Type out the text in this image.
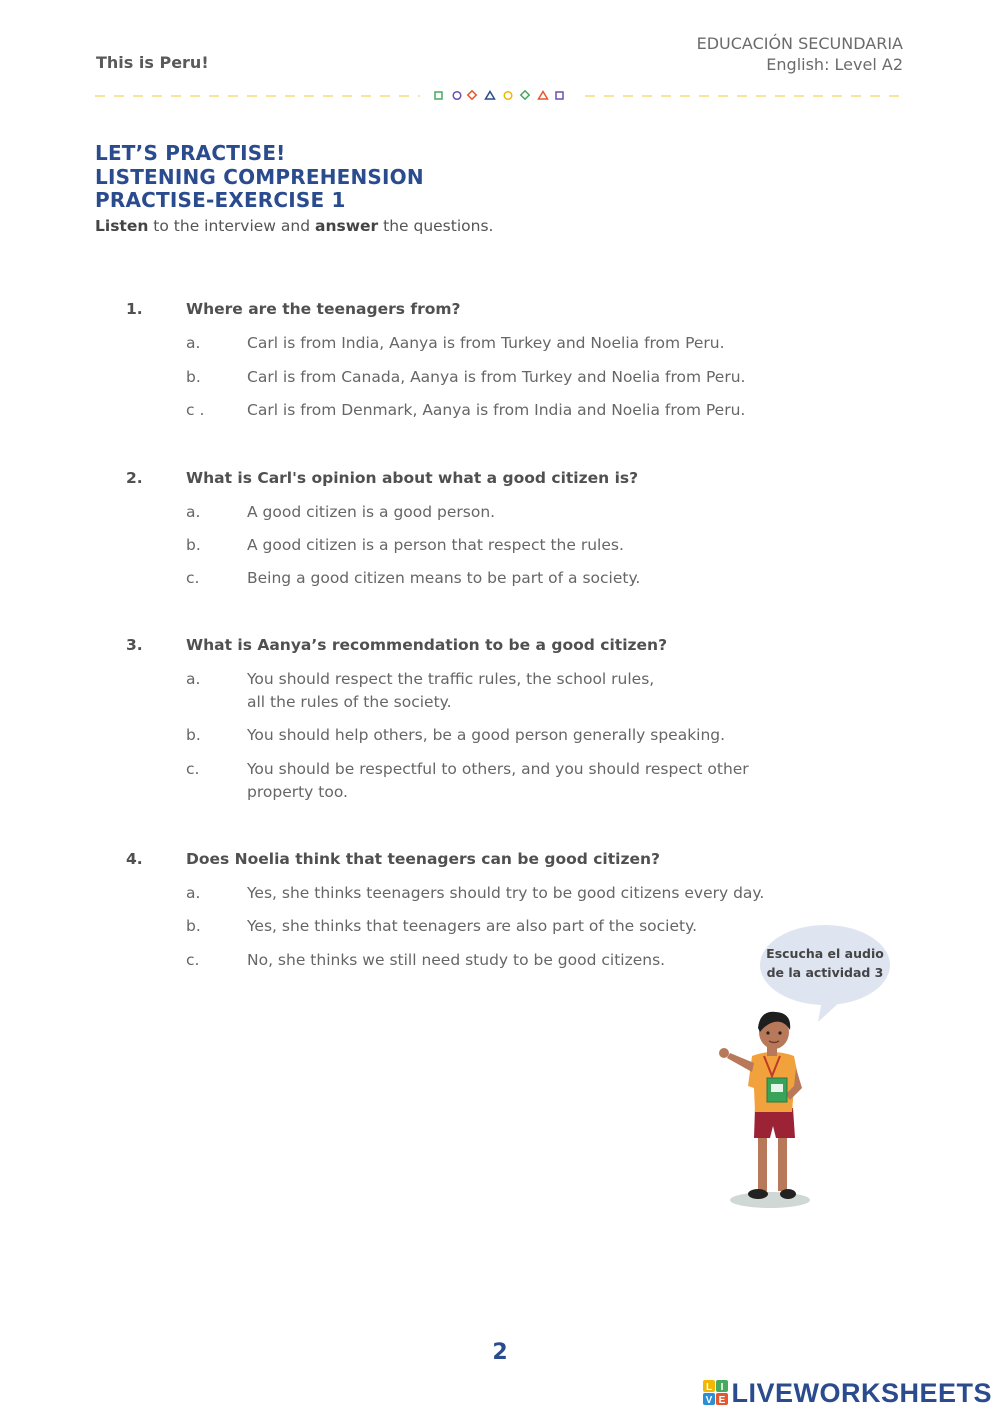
This is Peru!
EDUCACIÓN SECUNDARIA
English: Level A2
LET’S PRACTISE!
LISTENING COMPREHENSION
PRACTISE-EXERCISE 1
Listen to the interview and answer the questions.
1.	Where are the teenagers from?
a.	Carl is from India, Aanya is from Turkey and Noelia from Peru.
b.	Carl is from Canada, Aanya is from Turkey and Noelia from Peru.
c .	Carl is from Denmark, Aanya is from India and Noelia from Peru.
2.	What is Carl's opinion about what a good citizen is?
a.	A good citizen is a good person.
b.	A good citizen is a person that respect the rules.
c.	Being a good citizen means to be part of a society.
3.	What is Aanya’s recommendation to be a good citizen?
a.	You should respect the traffic rules, the school rules,
all the rules of the society.
b.	You should help others, be a good person generally speaking.
c.	You should be respectful to others, and you should respect other
property too.
4.	Does Noelia think that teenagers can be good citizen?
a.	Yes, she thinks teenagers should try to be good citizens every day.
b.	Yes, she thinks that teenagers are also part of the society.
c.	No, she thinks we still need study to be good citizens.	Escucha el audio
de la actividad 3
2
L I
V E LIVEWORKSHEETS
